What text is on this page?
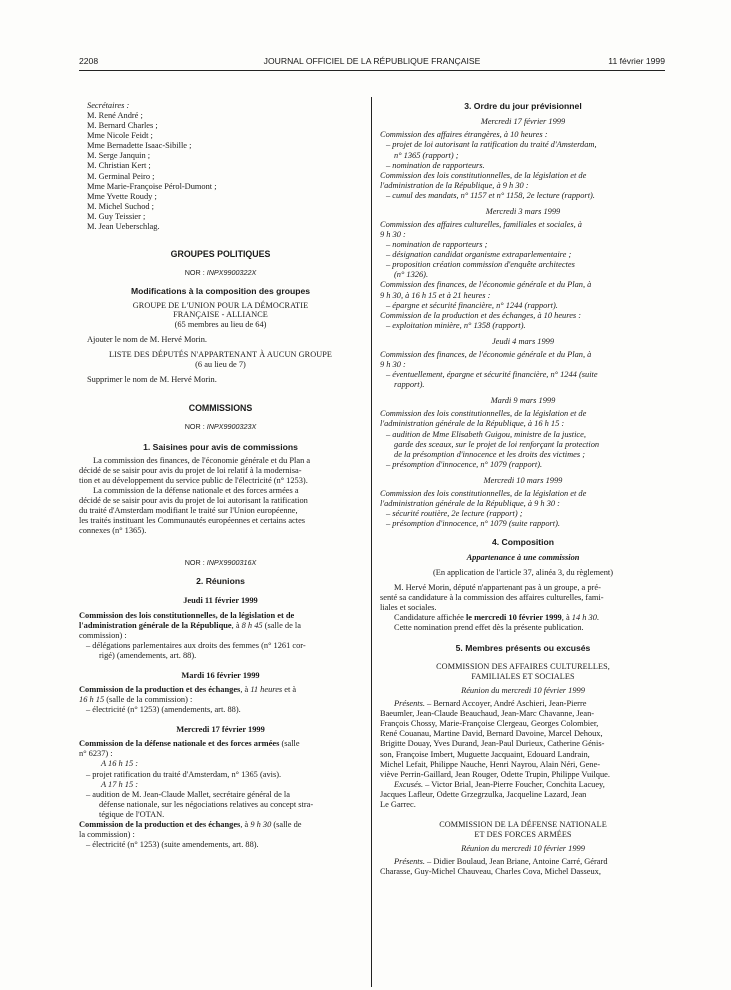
2208	JOURNAL OFFICIEL DE LA RÉPUBLIQUE FRANÇAISE	11 février 1999
Secrétaires :
M. René André ;
M. Bernard Charles ;
Mme Nicole Feidt ;
Mme Bernadette Isaac-Sibille ;
M. Serge Janquin ;
M. Christian Kert ;
M. Germinal Peiro ;
Mme Marie-Françoise Pérol-Dumont ;
Mme Yvette Roudy ;
M. Michel Suchod ;
M. Guy Teissier ;
M. Jean Ueberschlag.
GROUPES POLITIQUES
NOR : INPX9900322X
Modifications à la composition des groupes
GROUPE DE L'UNION POUR LA DÉMOCRATIE
FRANÇAISE - ALLIANCE
(65 membres au lieu de 64)
Ajouter le nom de M. Hervé Morin.
LISTE DES DÉPUTÉS N'APPARTENANT À AUCUN GROUPE
(6 au lieu de 7)
Supprimer le nom de M. Hervé Morin.
COMMISSIONS
NOR : INPX9900323X
1. Saisines pour avis de commissions
La commission des finances, de l'économie générale et du Plan a
décidé de se saisir pour avis du projet de loi relatif à la modernisa-
tion et au développement du service public de l'électricité (n° 1253).
La commission de la défense nationale et des forces armées a
décidé de se saisir pour avis du projet de loi autorisant la ratification
du traité d'Amsterdam modifiant le traité sur l'Union européenne,
les traités instituant les Communautés européennes et certains actes
connexes (n° 1365).
NOR : INPX9900316X
2. Réunions
Jeudi 11 février 1999
Commission des lois constitutionnelles, de la législation et de
l'administration générale de la République, à 8 h 45 (salle de la
commission) :
– délégations parlementaires aux droits des femmes (n° 1261 cor-
rigé) (amendements, art. 88).
Mardi 16 février 1999
Commission de la production et des échanges, à 11 heures et à
16 h 15 (salle de la commission) :
– électricité (n° 1253) (amendements, art. 88).
Mercredi 17 février 1999
Commission de la défense nationale et des forces armées (salle
n° 6237) :
A 16 h 15 :
– projet ratification du traité d'Amsterdam, n° 1365 (avis).
A 17 h 15 :
– audition de M. Jean-Claude Mallet, secrétaire général de la
défense nationale, sur les négociations relatives au concept stra-
tégique de l'OTAN.
Commission de la production et des échanges, à 9 h 30 (salle de
la commission) :
– électricité (n° 1253) (suite amendements, art. 88).
3. Ordre du jour prévisionnel
Mercredi 17 février 1999
Commission des affaires étrangères, à 10 heures :
– projet de loi autorisant la ratification du traité d'Amsterdam,
n° 1365 (rapport) ;
– nomination de rapporteurs.
Commission des lois constitutionnelles, de la législation et de
l'administration de la République, à 9 h 30 :
– cumul des mandats, n° 1157 et n° 1158, 2e lecture (rapport).
Mercredi 3 mars 1999
Commission des affaires culturelles, familiales et sociales, à
9 h 30 :
– nomination de rapporteurs ;
– désignation candidat organisme extraparlementaire ;
– proposition création commission d'enquête architectes
(n° 1326).
Commission des finances, de l'économie générale et du Plan, à
9 h 30, à 16 h 15 et à 21 heures :
– épargne et sécurité financière, n° 1244 (rapport).
Commission de la production et des échanges, à 10 heures :
– exploitation minière, n° 1358 (rapport).
Jeudi 4 mars 1999
Commission des finances, de l'économie générale et du Plan, à
9 h 30 :
– éventuellement, épargne et sécurité financière, n° 1244 (suite
rapport).
Mardi 9 mars 1999
Commission des lois constitutionnelles, de la législation et de
l'administration générale de la République, à 16 h 15 :
– audition de Mme Elisabeth Guigou, ministre de la justice,
garde des sceaux, sur le projet de loi renforçant la protection
de la présomption d'innocence et les droits des victimes ;
– présomption d'innocence, n° 1079 (rapport).
Mercredi 10 mars 1999
Commission des lois constitutionnelles, de la législation et de
l'administration générale de la République, à 9 h 30 :
– sécurité routière, 2e lecture (rapport) ;
– présomption d'innocence, n° 1079 (suite rapport).
4. Composition
Appartenance à une commission
(En application de l'article 37, alinéa 3, du règlement)
M. Hervé Morin, député n'appartenant pas à un groupe, a pré-
senté sa candidature à la commission des affaires culturelles, fami-
liales et sociales.
Candidature affichée le mercredi 10 février 1999, à 14 h 30.
Cette nomination prend effet dès la présente publication.
5. Membres présents ou excusés
COMMISSION DES AFFAIRES CULTURELLES,
FAMILIALES ET SOCIALES
Réunion du mercredi 10 février 1999
Présents. – Bernard Accoyer, André Aschieri, Jean-Pierre
Baeumler, Jean-Claude Beauchaud, Jean-Marc Chavanne, Jean-
François Chossy, Marie-Françoise Clergeau, Georges Colombier,
René Couanau, Martine David, Bernard Davoine, Marcel Dehoux,
Brigitte Douay, Yves Durand, Jean-Paul Durieux, Catherine Génis-
son, Françoise Imbert, Muguette Jacquaint, Edouard Landrain,
Michel Lefait, Philippe Nauche, Henri Nayrou, Alain Néri, Gene-
viève Perrin-Gaillard, Jean Rouger, Odette Trupin, Philippe Vuilque.
Excusés. – Victor Brial, Jean-Pierre Foucher, Conchita Lacuey,
Jacques Lafleur, Odette Grzegrzulka, Jacqueline Lazard, Jean
Le Garrec.
COMMISSION DE LA DÉFENSE NATIONALE
ET DES FORCES ARMÉES
Réunion du mercredi 10 février 1999
Présents. – Didier Boulaud, Jean Briane, Antoine Carré, Gérard
Charasse, Guy-Michel Chauveau, Charles Cova, Michel Dasseux,
